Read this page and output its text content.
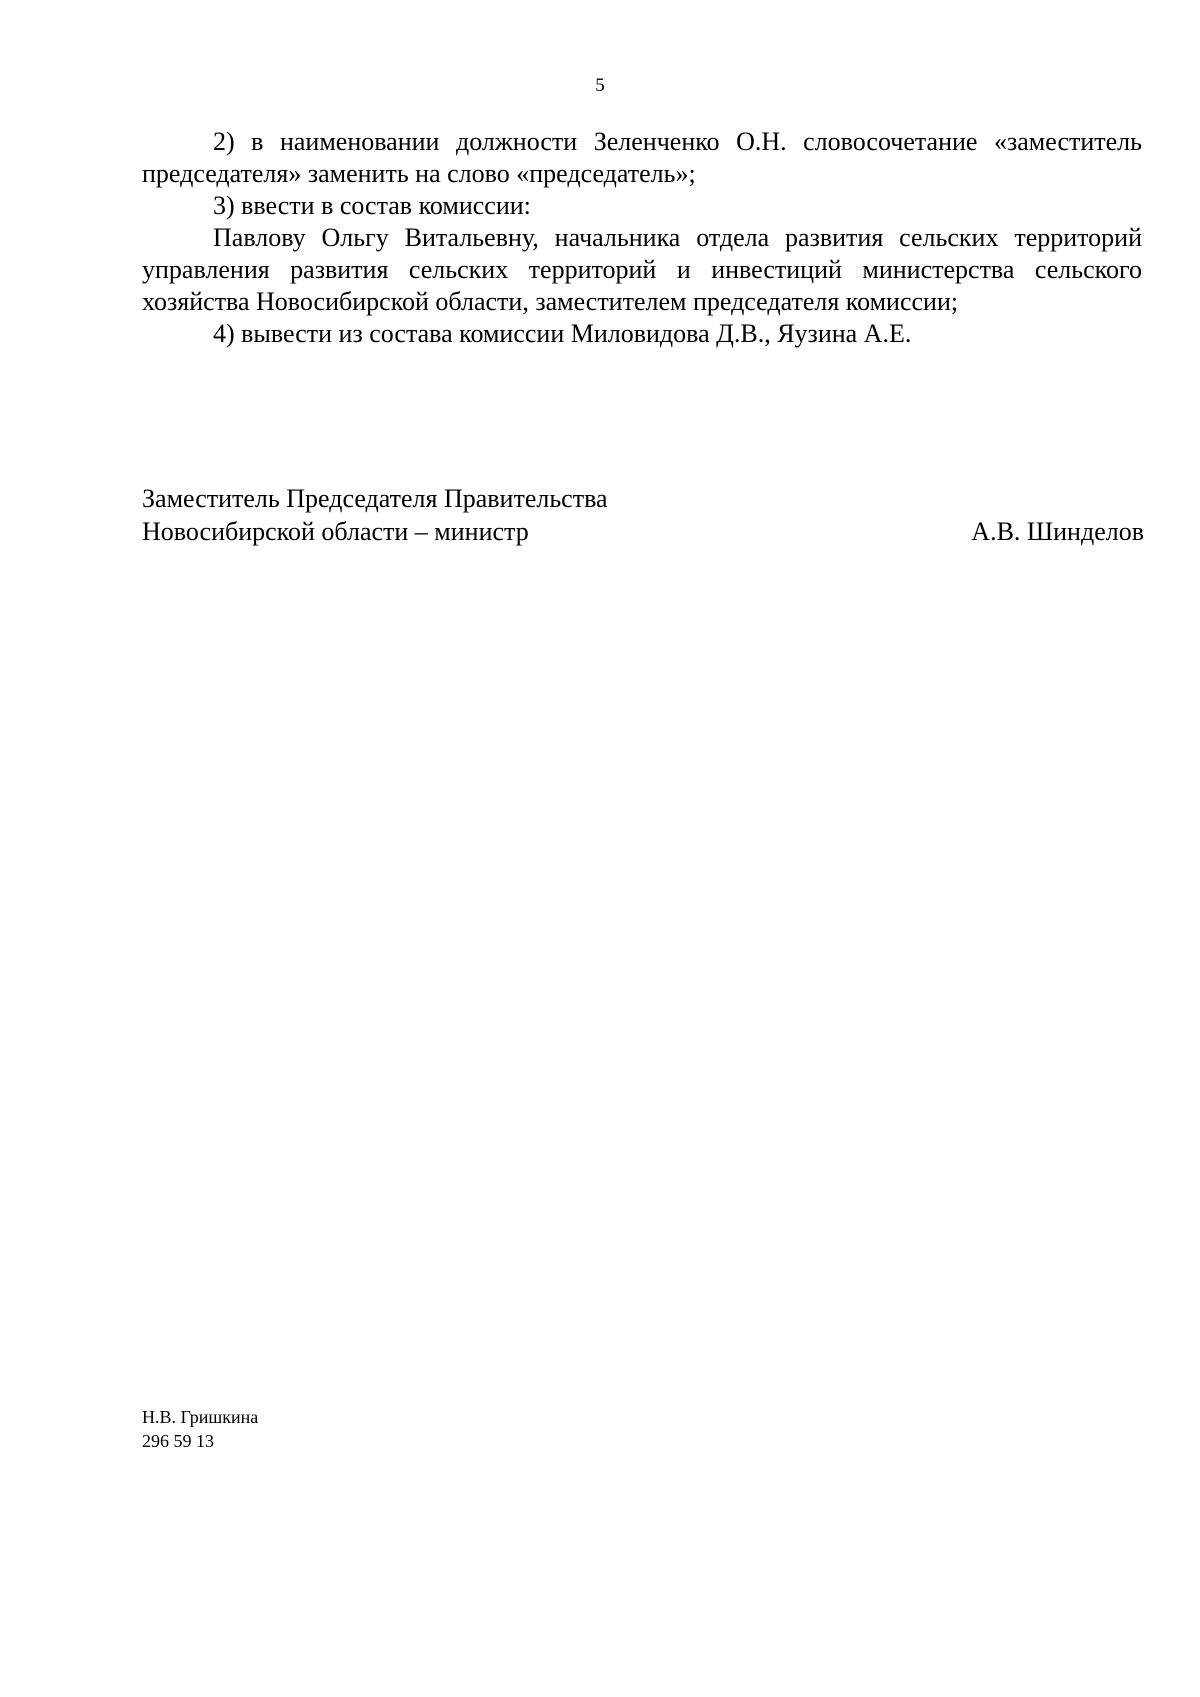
5

2) в наименовании должности Зеленченко О.Н. словосочетание «заместитель председателя» заменить на слово «председатель»;

3) ввести в состав комиссии:

Павлову Ольгу Витальевну, начальника отдела развития сельских территорий управления развития сельских территорий и инвестиций министерства сельского хозяйства Новосибирской области, заместителем председателя комиссии;

4) вывести из состава комиссии Миловидова Д.В., Яузина А.Е.

Заместитель Председателя Правительства
Новосибирской области – министр	А.В. Шинделов
Н.В. Гришкина
296 59 13
